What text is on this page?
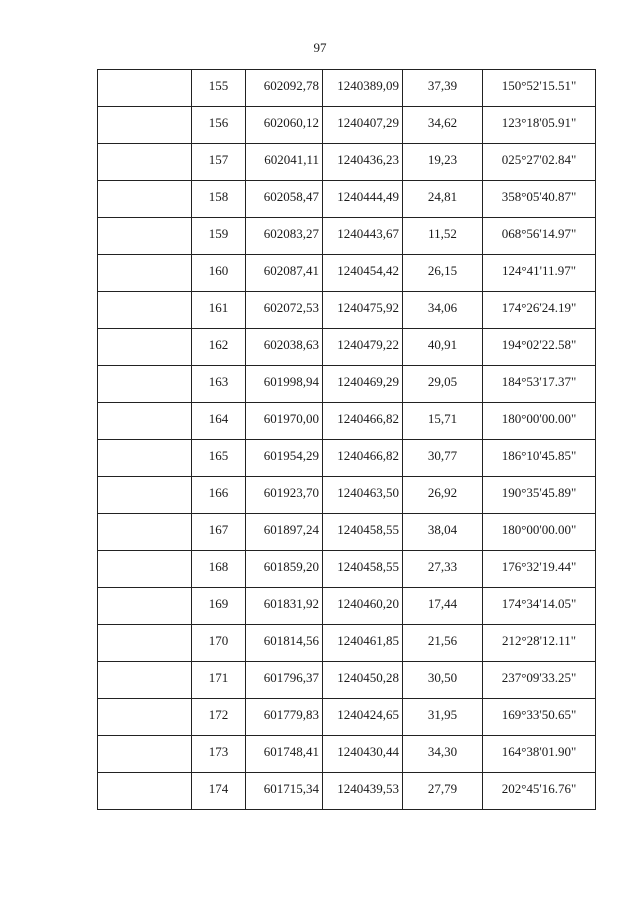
97

	155	602092,78	1240389,09	37,39	150°52'15.51"

	156	602060,12	1240407,29	34,62	123°18'05.91"

	157	602041,11	1240436,23	19,23	025°27'02.84"

	158	602058,47	1240444,49	24,81	358°05'40.87"

	159	602083,27	1240443,67	11,52	068°56'14.97"

	160	602087,41	1240454,42	26,15	124°41'11.97"

	161	602072,53	1240475,92	34,06	174°26'24.19"

	162	602038,63	1240479,22	40,91	194°02'22.58"

	163	601998,94	1240469,29	29,05	184°53'17.37"

	164	601970,00	1240466,82	15,71	180°00'00.00"

	165	601954,29	1240466,82	30,77	186°10'45.85"

	166	601923,70	1240463,50	26,92	190°35'45.89"

	167	601897,24	1240458,55	38,04	180°00'00.00"

	168	601859,20	1240458,55	27,33	176°32'19.44"

	169	601831,92	1240460,20	17,44	174°34'14.05"

	170	601814,56	1240461,85	21,56	212°28'12.11"

	171	601796,37	1240450,28	30,50	237°09'33.25"

	172	601779,83	1240424,65	31,95	169°33'50.65"

	173	601748,41	1240430,44	34,30	164°38'01.90"

	174	601715,34	1240439,53	27,79	202°45'16.76"
